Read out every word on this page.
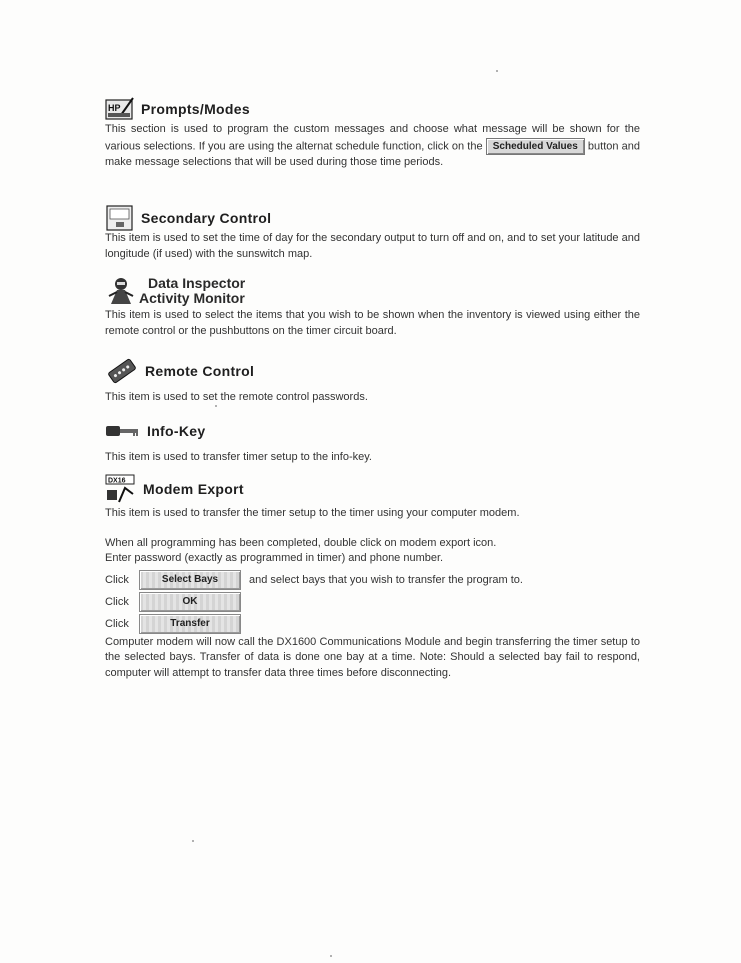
HP Prompts/Modes

This section is used to program the custom messages and choose what message will be shown for the various selections. If you are using the alternat schedule function, click on the Scheduled Values button and make message selections that will be used during those time periods.

Secondary Control

This item is used to set the time of day for the secondary output to turn off and on, and to set your latitude and longitude (if used) with the sunswitch map.

Data Inspector
Activity Monitor

This item is used to select the items that you wish to be shown when the inventory is viewed using either the remote control or the pushbuttons on the timer circuit board.

Remote Control

This item is used to set the remote control passwords.

Info-Key

This item is used to transfer timer setup to the info-key.

DX16 Modem Export

This item is used to transfer the timer setup to the timer using your computer modem.

When all programming has been completed, double click on modem export icon.

Enter password (exactly as programmed in timer) and phone number.

Click	Select Bays	and select bays that you wish to transfer the program to.
Click	OK
Click	Transfer

Computer modem will now call the DX1600 Communications Module and begin transferring the timer setup to the selected bays. Transfer of data is done one bay at a time. Note: Should a selected bay fail to respond, computer will attempt to transfer data three times before disconnecting.
